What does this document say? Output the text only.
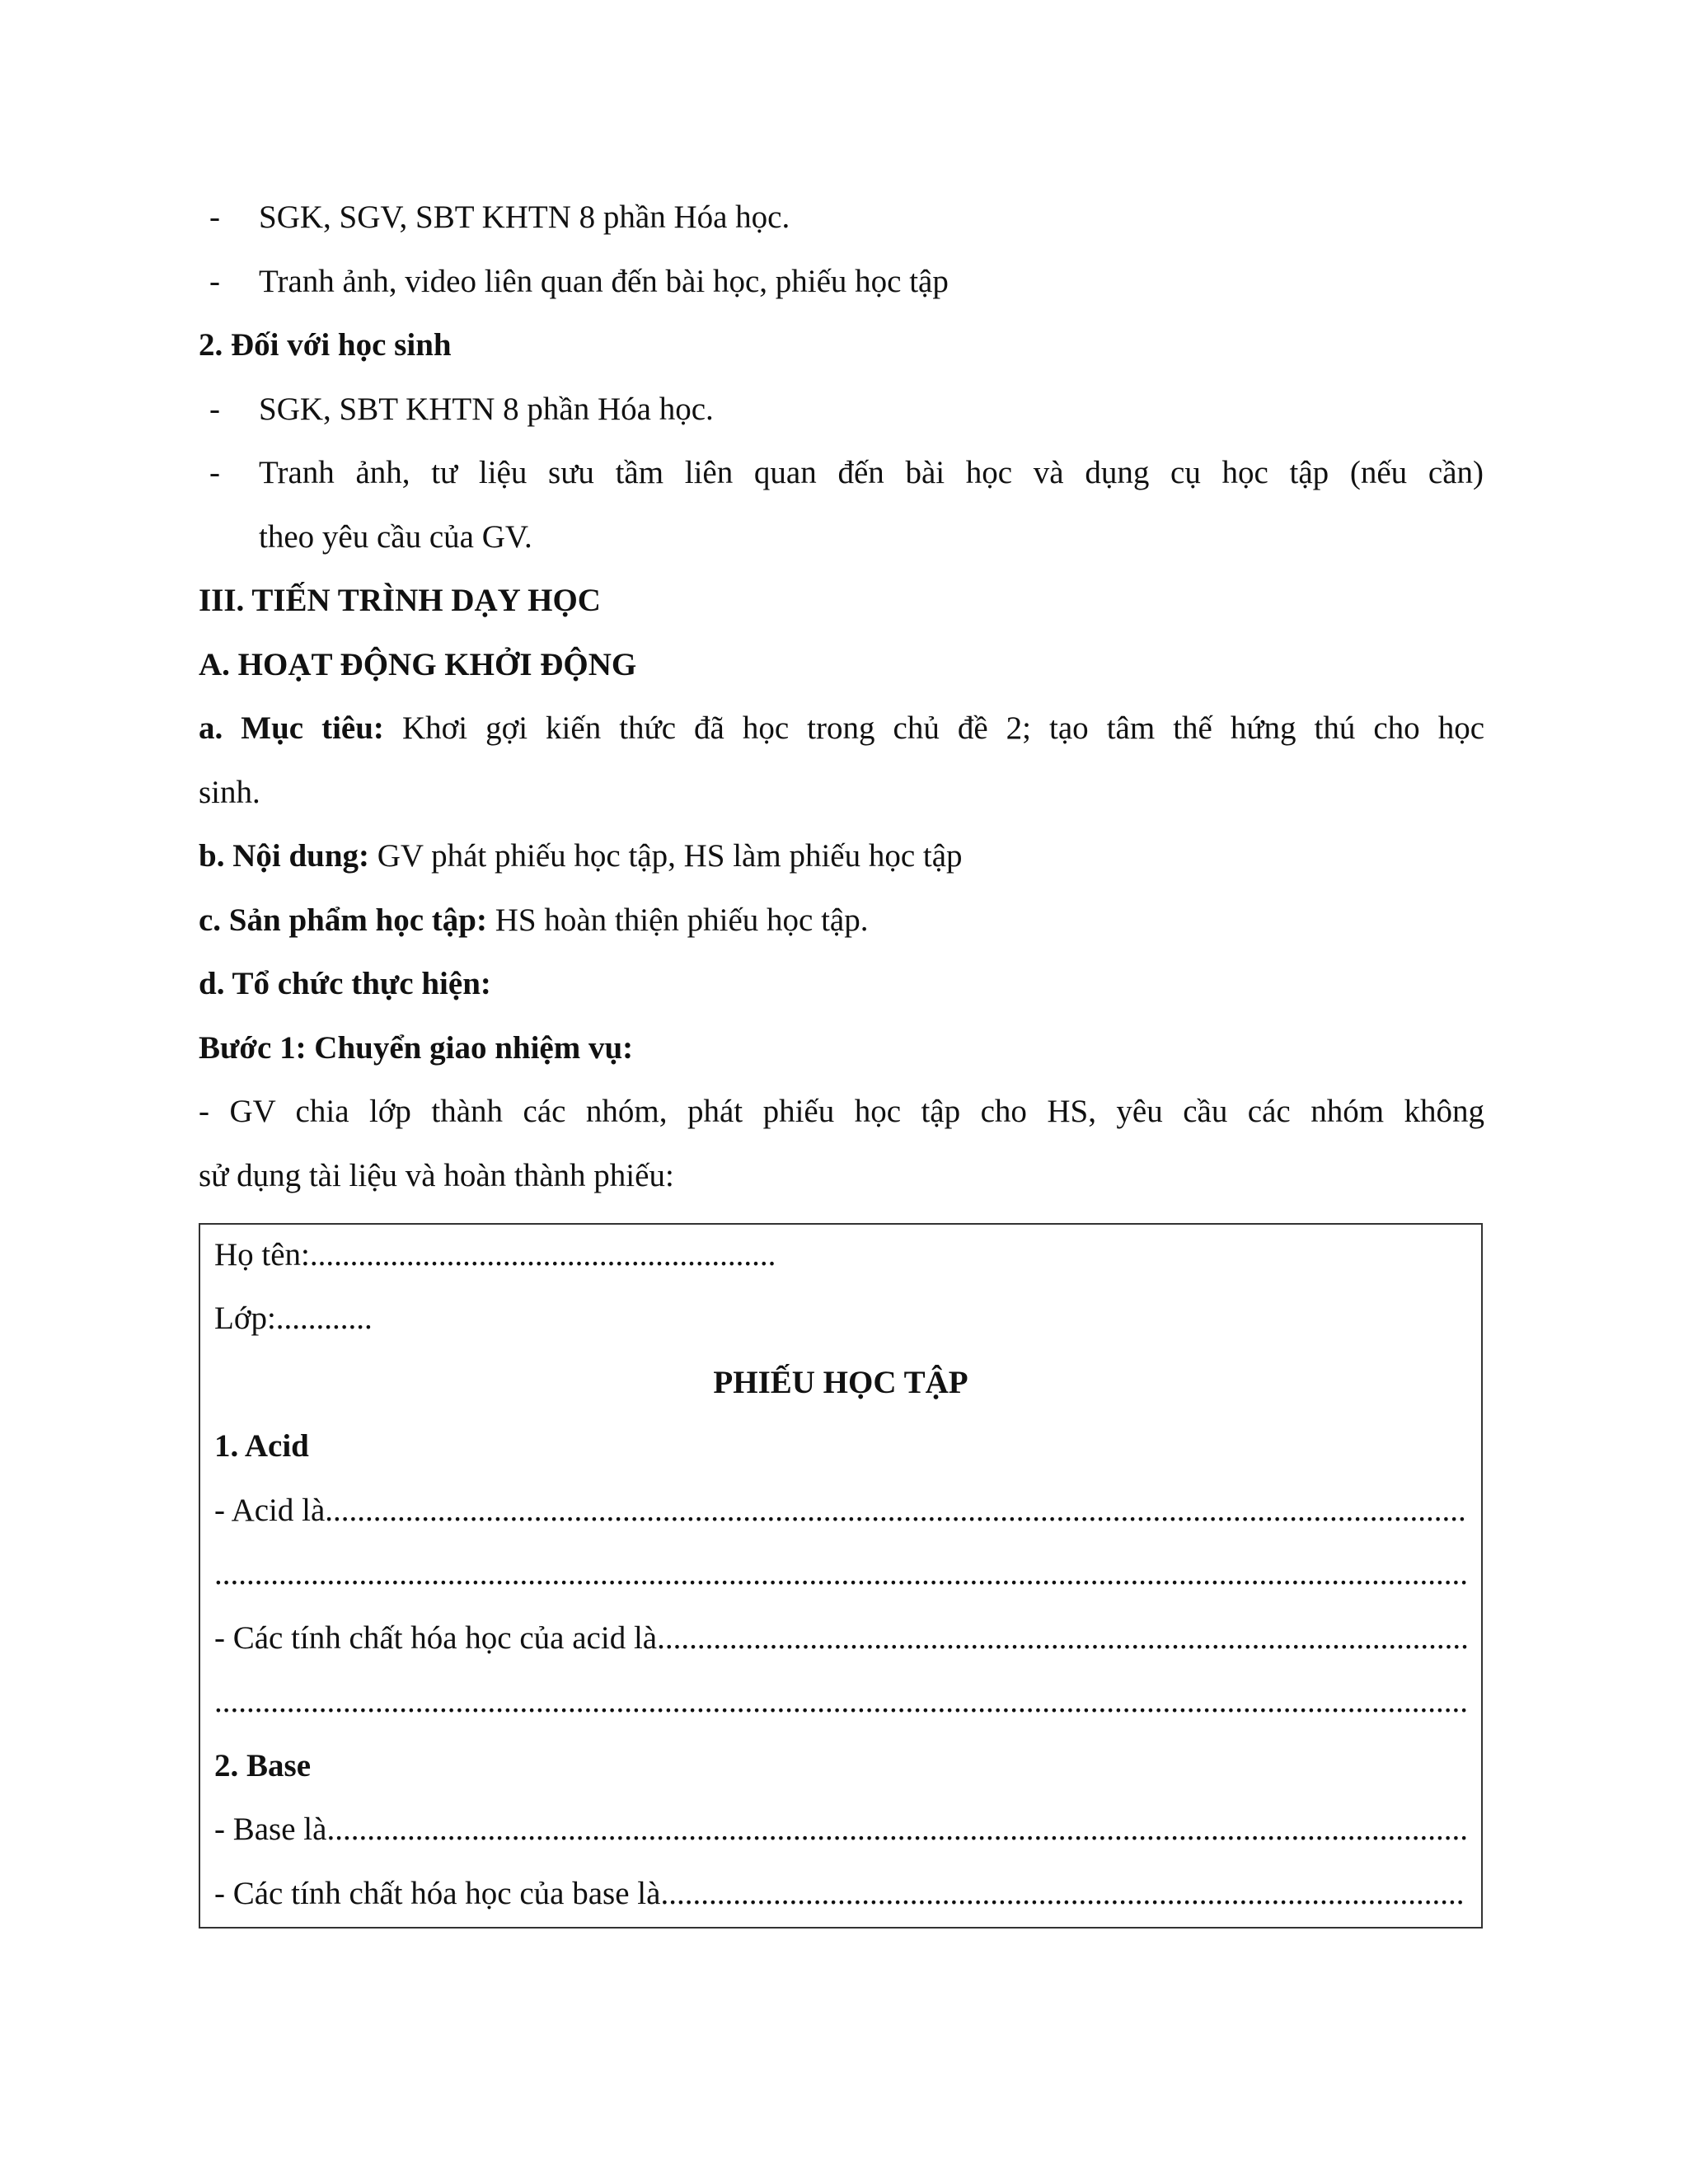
- SGK, SGV, SBT KHTN 8 phần Hóa học.
- Tranh ảnh, video liên quan đến bài học, phiếu học tập
2. Đối với học sinh
- SGK, SBT KHTN 8 phần Hóa học.
- Tranh ảnh, tư liệu sưu tầm liên quan đến bài học và dụng cụ học tập (nếu cần)
theo yêu cầu của GV.
III. TIẾN TRÌNH DẠY HỌC
A. HOẠT ĐỘNG KHỞI ĐỘNG
a. Mục tiêu: Khơi gợi kiến thức đã học trong chủ đề 2; tạo tâm thế hứng thú cho học
sinh.
b. Nội dung: GV phát phiếu học tập, HS làm phiếu học tập
c. Sản phẩm học tập: HS hoàn thiện phiếu học tập.
d. Tổ chức thực hiện:
Bước 1: Chuyển giao nhiệm vụ:
- GV chia lớp thành các nhóm, phát phiếu học tập cho HS, yêu cầu các nhóm không
sử dụng tài liệu và hoàn thành phiếu:
Họ tên:..........................................................
Lớp:............
PHIẾU HỌC TẬP
1. Acid
- Acid là
.....
.....
- Các tính chất hóa học của acid là
.....
.....
2. Base
- Base là
.....
- Các tính chất hóa học của base là
.....
